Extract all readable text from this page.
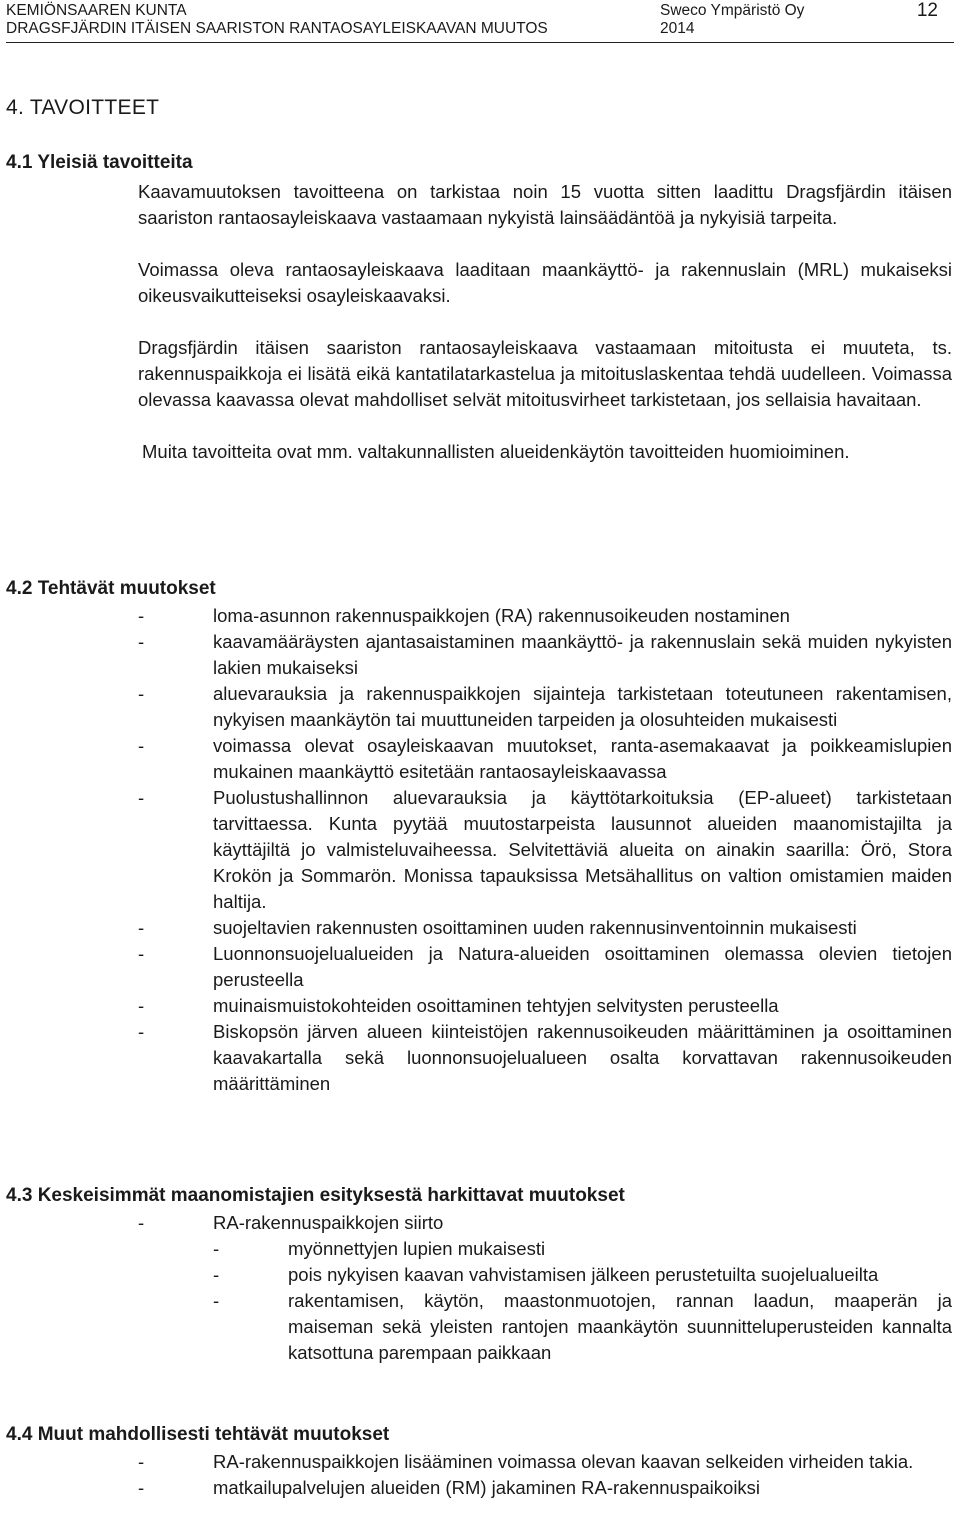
KEMIÖNSAAREN KUNTA
DRAGSFJÄRDIN ITÄISEN SAARISTON RANTAOSAYLEISKAAVAN MUUTOS
Sweco Ympäristö Oy
2014
12
4. TAVOITTEET
4.1 Yleisiä tavoitteita

Kaavamuutoksen tavoitteena on tarkistaa noin 15 vuotta sitten laadittu Dragsfjärdin itäisen saariston rantaosayleiskaava vastaamaan nykyistä lainsäädäntöä ja nykyisiä tarpeita.

Voimassa oleva rantaosayleiskaava laaditaan maankäyttö- ja rakennuslain (MRL) mukaiseksi oikeusvaikutteiseksi osayleiskaavaksi.

Dragsfjärdin itäisen saariston rantaosayleiskaava vastaamaan mitoitusta ei muuteta, ts. rakennuspaikkoja ei lisätä eikä kantatilatarkastelua ja mitoituslaskentaa tehdä uudelleen. Voimassa olevassa kaavassa olevat mahdolliset selvät mitoitusvirheet tarkistetaan, jos sellaisia havaitaan.

Muita tavoitteita ovat mm. valtakunnallisten alueidenkäytön tavoitteiden huomioiminen.

4.2 Tehtävät muutokset
-	loma-asunnon rakennuspaikkojen (RA) rakennusoikeuden nostaminen
-	kaavamääräysten ajantasaistaminen maankäyttö- ja rakennuslain sekä muiden nykyisten lakien mukaiseksi
-	aluevarauksia ja rakennuspaikkojen sijainteja tarkistetaan toteutuneen rakentamisen, nykyisen maankäytön tai muuttuneiden tarpeiden ja olosuhteiden mukaisesti
-	voimassa olevat osayleiskaavan muutokset, ranta-asemakaavat ja poikkeamislupien mukainen maankäyttö esitetään rantaosayleiskaavassa
-	Puolustushallinnon aluevarauksia ja käyttötarkoituksia (EP-alueet) tarkistetaan tarvittaessa. Kunta pyytää muutostarpeista lausunnot alueiden maanomistajilta ja käyttäjiltä jo valmisteluvaiheessa. Selvitettäviä alueita on ainakin saarilla: Örö, Stora Krokön ja Sommarön. Monissa tapauksissa Metsähallitus on valtion omistamien maiden haltija.
-	suojeltavien rakennusten osoittaminen uuden rakennusinventoinnin mukaisesti
-	Luonnonsuojelualueiden ja Natura-alueiden osoittaminen olemassa olevien tietojen perusteella
-	muinaismuistokohteiden osoittaminen tehtyjen selvitysten perusteella
-	Biskopsön järven alueen kiinteistöjen rakennusoikeuden määrittäminen ja osoittaminen kaavakartalla sekä luonnonsuojelualueen osalta korvattavan rakennusoikeuden määrittäminen
4.3 Keskeisimmät maanomistajien esityksestä harkittavat muutokset
-	RA-rakennuspaikkojen siirto
-	myönnettyjen lupien mukaisesti
-	pois nykyisen kaavan vahvistamisen jälkeen perustetuilta suojelualueilta
-	rakentamisen, käytön, maastonmuotojen, rannan laadun, maaperän ja maiseman sekä yleisten rantojen maankäytön suunnitteluperusteiden kannalta katsottuna parempaan paikkaan
4.4 Muut mahdollisesti tehtävät muutokset
-	RA-rakennuspaikkojen lisääminen voimassa olevan kaavan selkeiden virheiden takia.
-	matkailupalvelujen alueiden (RM) jakaminen RA-rakennuspaikoiksi
